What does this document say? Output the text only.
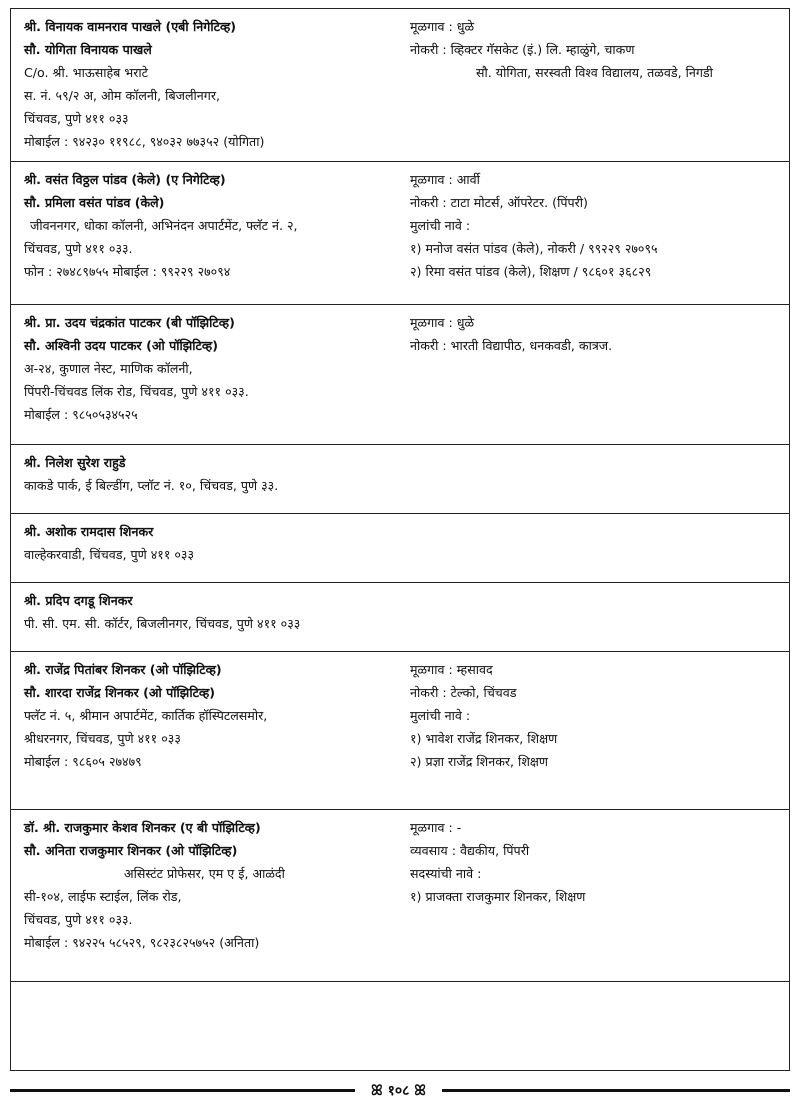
श्री. विनायक वामनराव पाखले (एबी निगेटिव्ह)
सौ. योगिता विनायक पाखले
C/o. श्री. भाऊसाहेब भराटे
स. नं. ५९/२ अ, ओम कॉलनी, बिजलीनगर,
चिंचवड, पुणे ४११ ०३३
मोबाईल : ९४२३० ११९८८, ९४०३२ ७७३५२ (योगिता)
मूळगाव : धुळे
नोकरी : व्हिक्टर गॅसकेट (इं.) लि. म्हाळुंगे, चाकण
सौ. योगिता, सरस्वती विश्व विद्यालय, तळवडे, निगडी
श्री. वसंत विठ्ठल पांडव (केले) (ए निगेटिव्ह)
सौ. प्रमिला वसंत पांडव (केले)
जीवननगर, धोका कॉलनी, अभिनंदन अपार्टमेंट, फ्लॅट नं. २,
चिंचवड, पुणे ४११ ०३३.
फोन : २७४८९७५५ मोबाईल : ९९२२९ २७०९४
मूळगाव : आर्वी
नोकरी : टाटा मोटर्स, ऑपरेटर. (पिंपरी)
मुलांची नावे :
१) मनोज वसंत पांडव (केले), नोकरी / ९९२२९ २७०९५
२) रिमा वसंत पांडव (केले), शिक्षण / ९८६०१ ३६८२९
श्री. प्रा. उदय चंद्रकांत पाटकर (बी पॉझिटिव्ह)
सौ. अश्विनी उदय पाटकर (ओ पॉझिटिव्ह)
अ-२४, कुणाल नेस्ट, माणिक कॉलनी,
पिंपरी-चिंचवड लिंक रोड, चिंचवड, पुणे ४११ ०३३.
मोबाईल : ९८५०५३४५२५
मूळगाव : धुळे
नोकरी : भारती विद्यापीठ, धनकवडी, कात्रज.
श्री. निलेश सुरेश राहुडे
काकडे पार्क, ई बिल्डींग, प्लॉट नं. १०, चिंचवड, पुणे ३३.
श्री. अशोक रामदास शिनकर
वाल्हेकरवाडी, चिंचवड, पुणे ४११ ०३३
श्री. प्रदिप दगडू शिनकर
पी. सी. एम. सी. कॉर्टर, बिजलीनगर, चिंचवड, पुणे ४११ ०३३
श्री. राजेंद्र पितांबर शिनकर (ओ पॉझिटिव्ह)
सौ. शारदा राजेंद्र शिनकर (ओ पॉझिटिव्ह)
फ्लॅट नं. ५, श्रीमान अपार्टमेंट, कार्तिक हॉस्पिटलसमोर,
श्रीधरनगर, चिंचवड, पुणे ४११ ०३३
मोबाईल : ९८६०५ २७४७९
मूळगाव : म्हसावद
नोकरी : टेल्को, चिंचवड
मुलांची नावे :
१) भावेश राजेंद्र शिनकर, शिक्षण
२) प्रज्ञा राजेंद्र शिनकर, शिक्षण
डॉ. श्री. राजकुमार केशव शिनकर (ए बी पॉझिटिव्ह)
सौ. अनिता राजकुमार शिनकर (ओ पॉझिटिव्ह)
असिस्टंट प्रोफेसर, एम ए ई, आळंदी
सी-१०४, लाईफ स्टाईल, लिंक रोड,
चिंचवड, पुणे ४११ ०३३.
मोबाईल : ९४२२५ ५८५२९, ९८२३८२५७५२ (अनिता)
मूळगाव : -
व्यवसाय : वैद्यकीय, पिंपरी
सदस्यांची नावे :
१) प्राजक्ता राजकुमार शिनकर, शिक्षण
ꕤ १०८ ꕤ
